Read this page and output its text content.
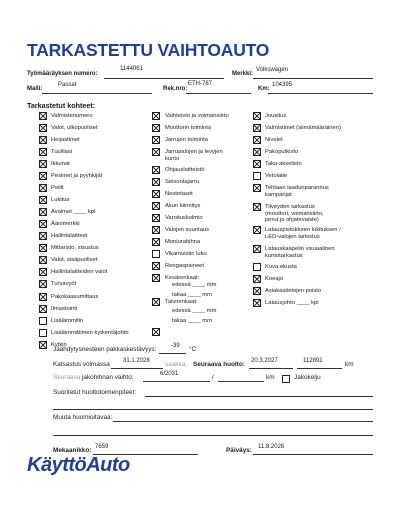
TARKASTETTU VAIHTOAUTO
Työmääräyksen numero:
1144061
Merkki:
Volkswagen
Malli:
Passat
Rek.nro:
ETH-787
Km:
104395
Tarkastetut kohteet:
Valmistenumero
Valot, ulkopuoliset
Heijastimet
Tuulilasi
Ikkunat
Pesimet ja pyyhkijät
Peilit
Lukitus
Avaimet ____ kpl
Äänimerkki
Hallintalaitteet
Mittaristo, sisustus
Valot, sisäpuoliset
Hallintalaitteiden valot
Turvavyöt
Pakokaasumittaus
Ilmastointi
Lisälämmitin
Lisälämmittimen kytkentäjohto
Kytkin
Vaihteisto ja voimansiirto
Moottorin toiminta
Jarrujen toiminta
Jarrupalojen ja levyjen
kunto
Ohjauslaitteistö
Seisontajarru
Nestetasot
Akun kiinnitys
Varoituskolmio
Valojen suuntaus
Moniurahihna
Vikamuistin luku
Rengaspaineet
Kesärenkaat:
edessä ____ mm
takaa ____ mm
Talvirenkaat:
edessä ____ mm
takaa ____ mm
Jousitus
Valmistimet (siimämääräinen)
Nivelet
Pakoputkisto
Taka-akselisto
Vetolaite
Tehtaan laadunparannus
kampanjat
Tilveyden tarkastus
(moottori, voimansiirto,
jarrut ja ohjatevaiste)
Latauspistokkeen lukituksen /
LED-valojen tarkistus
Latauskaapelin visuaalinen
kuntotarkastus
Kuva ekusta
Koeajo
Asiakastietojen poisto
Latausjohto ____ kpl
Jäähdytysnesteen pakkaskestävyys: -39 °C
Katsastus voimassa 31.1.2028 saakka. Seuraava huolto: 20.3.2027	112891	km
Seuraava jakohihnan vaihto:	6/2031	/	km	Jakokelju
Suoritetut huoltotoimenpiteet:
Muuta huomioitavaa:
Mekaanikko: 7659	Päiväys: 11.8.2026
KäyttöAuto
